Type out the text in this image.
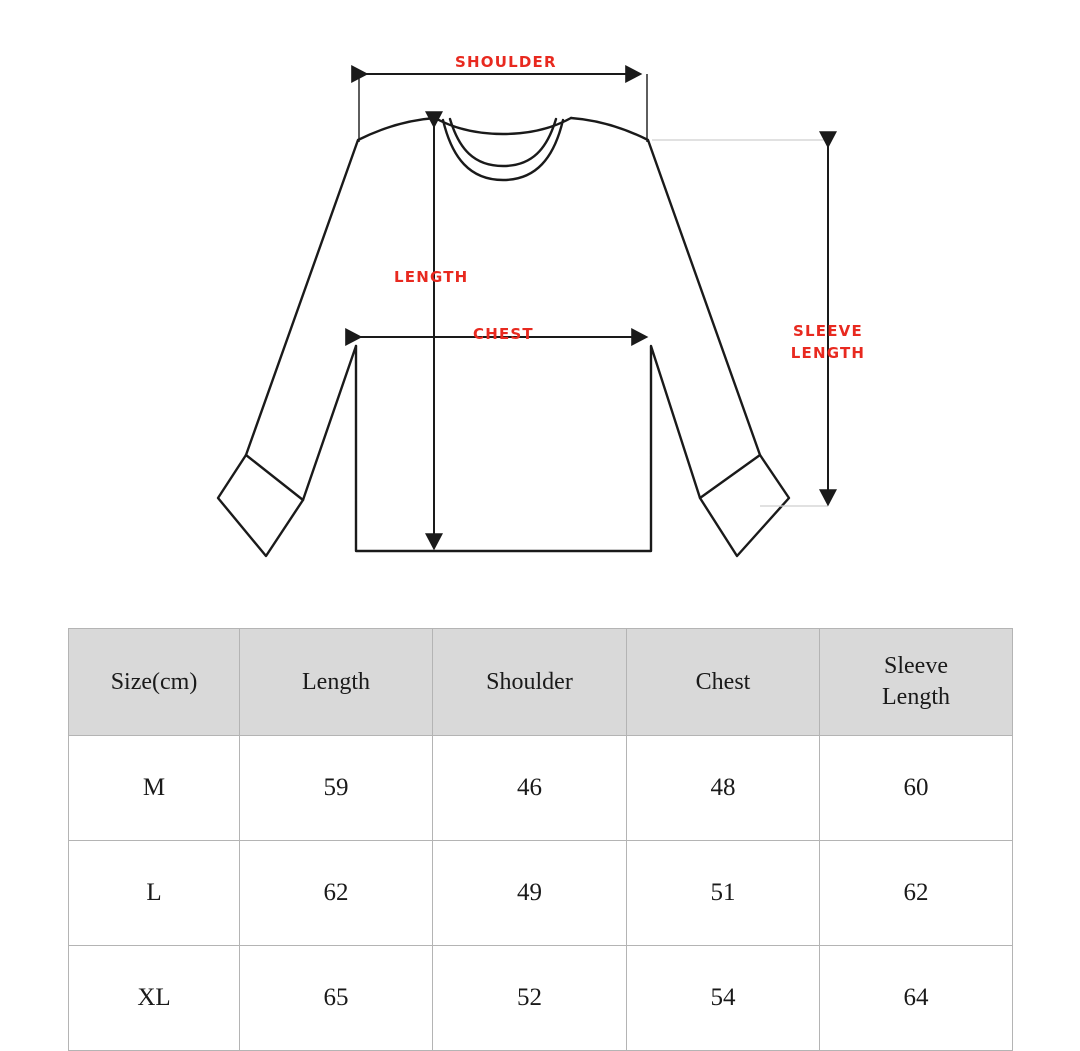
SHOULDER
LENGTH
CHEST	SLEEVE
LENGTH
Size(cm)	Length	Shoulder	Chest	Sleeve
Length

M	59	46	48	60
L	62	49	51	62
XL	65	52	54	64
